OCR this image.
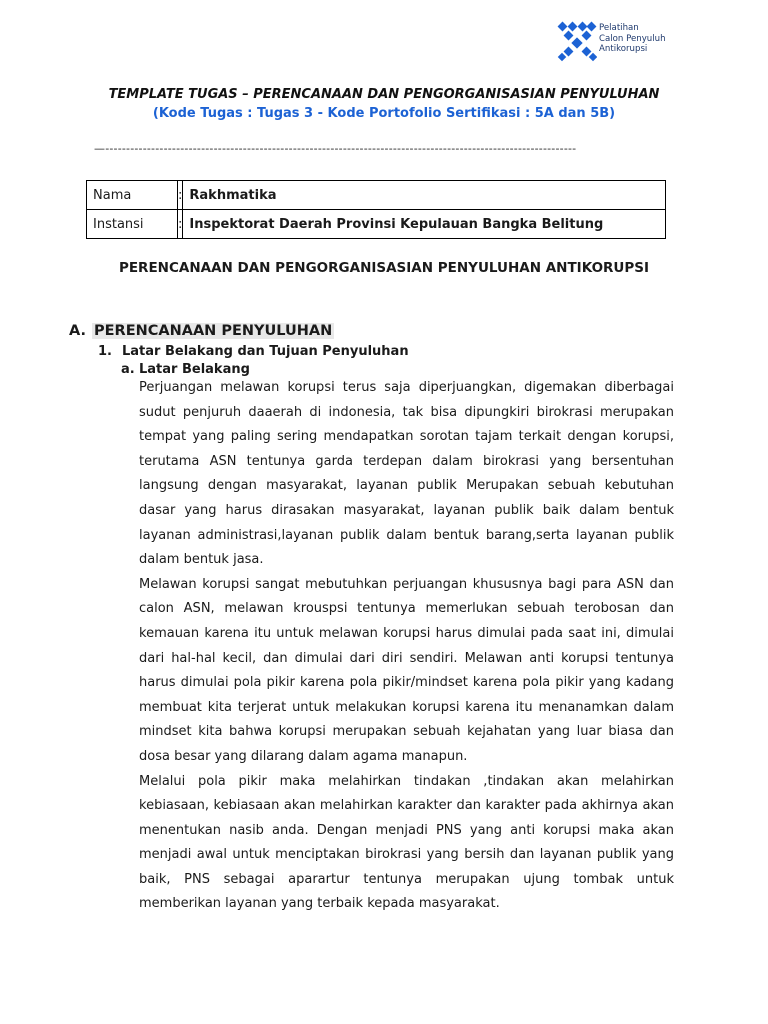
Pelatihan
Calon Penyuluh
Antikorupsi
TEMPLATE TUGAS – PERENCANAAN DAN PENGORGANISASIAN PENYULUHAN
(Kode Tugas : Tugas 3 - Kode Portofolio Sertifikasi : 5A dan 5B)
—-----------------------------------------------------------------------------------------------------------------
Nama	:	Rakhmatika
Instansi	:	Inspektorat Daerah Provinsi Kepulauan Bangka Belitung
PERENCANAAN DAN PENGORGANISASIAN PENYULUHAN ANTIKORUPSI
A. PERENCANAAN PENYULUHAN
1. Latar Belakang dan Tujuan Penyuluhan
a. Latar Belakang

Perjuangan melawan korupsi terus saja diperjuangkan, digemakan diberbagai sudut penjuruh daaerah di indonesia, tak bisa dipungkiri birokrasi merupakan tempat yang paling sering mendapatkan sorotan tajam terkait dengan korupsi, terutama ASN tentunya garda terdepan dalam birokrasi yang bersentuhan langsung dengan masyarakat, layanan publik Merupakan sebuah kebutuhan dasar yang harus dirasakan masyarakat, layanan publik baik dalam bentuk layanan administrasi,layanan publik dalam bentuk barang,serta layanan publik dalam bentuk jasa.

Melawan korupsi sangat mebutuhkan perjuangan khususnya bagi para ASN dan calon ASN, melawan krouspsi tentunya memerlukan sebuah terobosan dan kemauan karena itu untuk melawan korupsi harus dimulai pada saat ini, dimulai dari hal-hal kecil, dan dimulai dari diri sendiri. Melawan anti korupsi tentunya harus dimulai pola pikir karena pola pikir/mindset karena pola pikir yang kadang membuat kita terjerat untuk melakukan korupsi karena itu menanamkan dalam mindset kita bahwa korupsi merupakan sebuah kejahatan yang luar biasa dan dosa besar yang dilarang dalam agama manapun.

Melalui pola pikir maka melahirkan tindakan ,tindakan akan melahirkan kebiasaan, kebiasaan akan melahirkan karakter dan karakter pada akhirnya akan menentukan nasib anda. Dengan menjadi PNS yang anti korupsi maka akan menjadi awal untuk menciptakan birokrasi yang bersih dan layanan publik yang baik, PNS sebagai aparartur tentunya merupakan ujung tombak untuk memberikan layanan yang terbaik kepada masyarakat.
